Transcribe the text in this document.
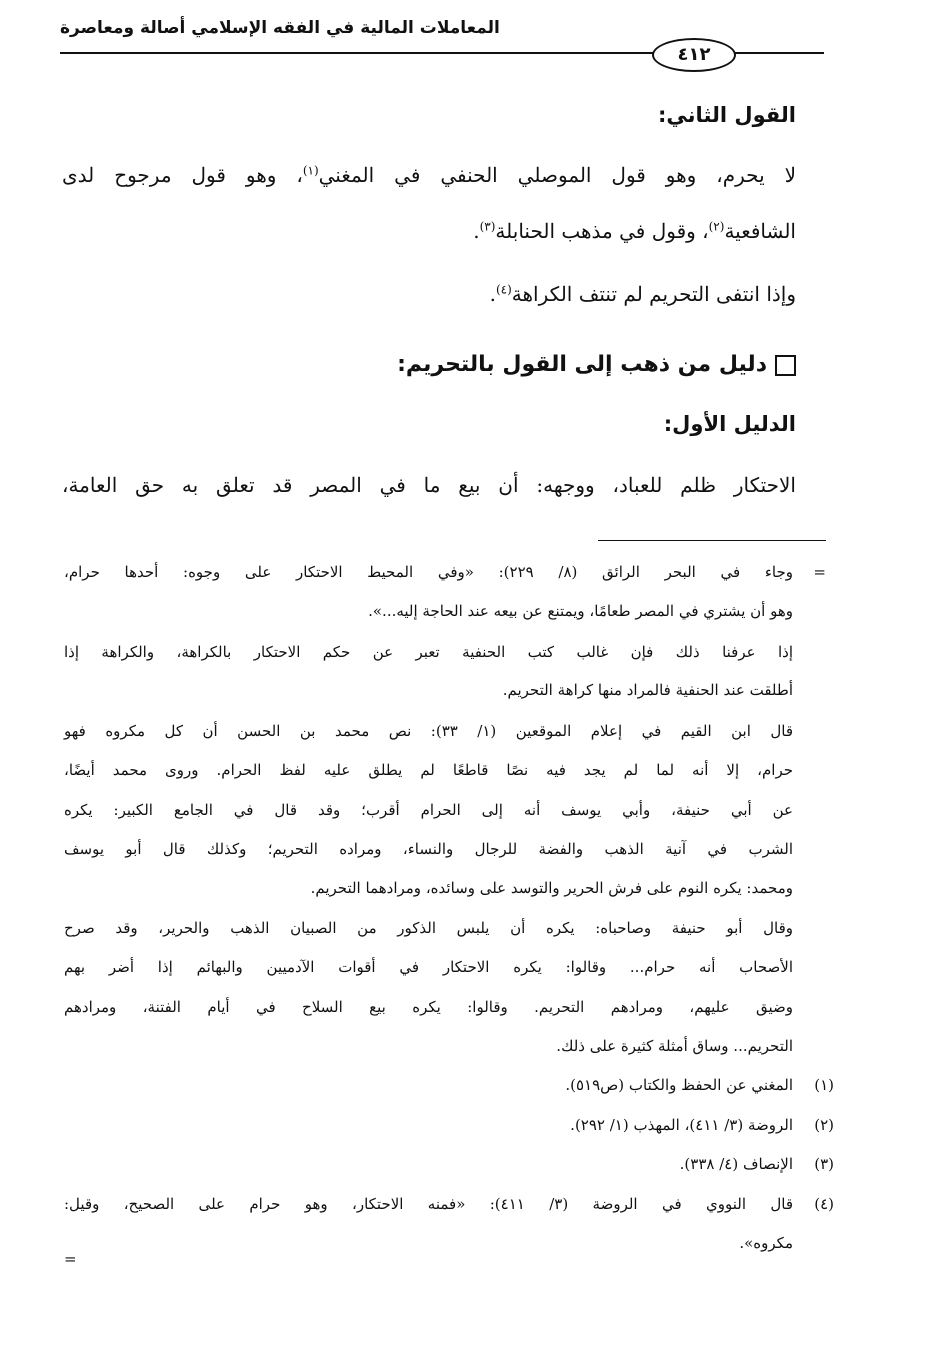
المعاملات المالية في الفقه الإسلامي أصالة ومعاصرة
٤١٢
القول الثاني:
لا يحرم، وهو قول الموصلي الحنفي في المغني$^{(١)}$، وهو قول مرجوح لدى
الشافعية$^{(٢)}$، وقول في مذهب الحنابلة$^{(٣)}$.
وإذا انتفى التحريم لم تنتف الكراهة$^{(٤)}$.
دليل من ذهب إلى القول بالتحريم:
الدليل الأول:
الاحتكار ظلم للعباد، ووجهه: أن بيع ما في المصر قد تعلق به حق العامة،
=
وجاء في البحر الرائق (٨/ ٢٢٩): «وفي المحيط الاحتكار على وجوه: أحدها حرام،
وهو أن يشتري في المصر طعامًا، ويمتنع عن بيعه عند الحاجة إليه...».
إذا عرفنا ذلك فإن غالب كتب الحنفية تعبر عن حكم الاحتكار بالكراهة، والكراهة إذا
أطلقت عند الحنفية فالمراد منها كراهة التحريم.
قال ابن القيم في إعلام الموقعين (١/ ٣٣): نص محمد بن الحسن أن كل مكروه فهو
حرام، إلا أنه لما لم يجد فيه نصًا قاطعًا لم يطلق عليه لفظ الحرام. وروى محمد أيضًا،
عن أبي حنيفة، وأبي يوسف أنه إلى الحرام أقرب؛ وقد قال في الجامع الكبير: يكره
الشرب في آنية الذهب والفضة للرجال والنساء، ومراده التحريم؛ وكذلك قال أبو يوسف
ومحمد: يكره النوم على فرش الحرير والتوسد على وسائده، ومرادهما التحريم.
وقال أبو حنيفة وصاحباه: يكره أن يلبس الذكور من الصبيان الذهب والحرير، وقد صرح
الأصحاب أنه حرام... وقالوا: يكره الاحتكار في أقوات الآدميين والبهائم إذا أضر بهم
وضيق عليهم، ومرادهم التحريم. وقالوا: يكره بيع السلاح في أيام الفتنة، ومرادهم
التحريم... وساق أمثلة كثيرة على ذلك.
(١)
المغني عن الحفظ والكتاب (ص٥١٩).
(٢)
الروضة (٣/ ٤١١)، المهذب (١/ ٢٩٢).
(٣)
الإنصاف (٤/ ٣٣٨).
(٤)
قال النووي في الروضة (٣/ ٤١١): «فمنه الاحتكار، وهو حرام على الصحيح، وقيل:
مكروه».
=
